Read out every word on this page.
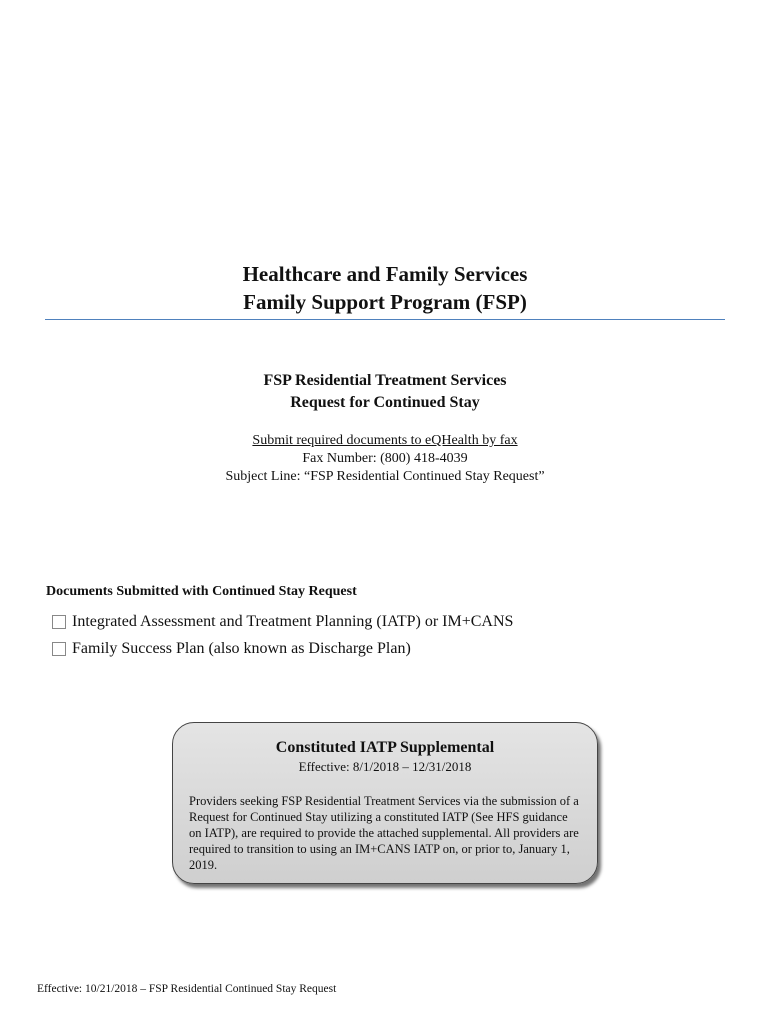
Healthcare and Family Services
Family Support Program (FSP)
FSP Residential Treatment Services
Request for Continued Stay
Submit required documents to eQHealth by fax
Fax Number: (800) 418-4039
Subject Line: “FSP Residential Continued Stay Request”
Documents Submitted with Continued Stay Request
Integrated Assessment and Treatment Planning (IATP) or IM+CANS
Family Success Plan (also known as Discharge Plan)
Constituted IATP Supplemental
Effective: 8/1/2018 – 12/31/2018
Providers seeking FSP Residential Treatment Services via the submission of a Request for Continued Stay utilizing a constituted IATP (See HFS guidance on IATP), are required to provide the attached supplemental. All providers are required to transition to using an IM+CANS IATP on, or prior to, January 1, 2019.
Effective: 10/21/2018 – FSP Residential Continued Stay Request
